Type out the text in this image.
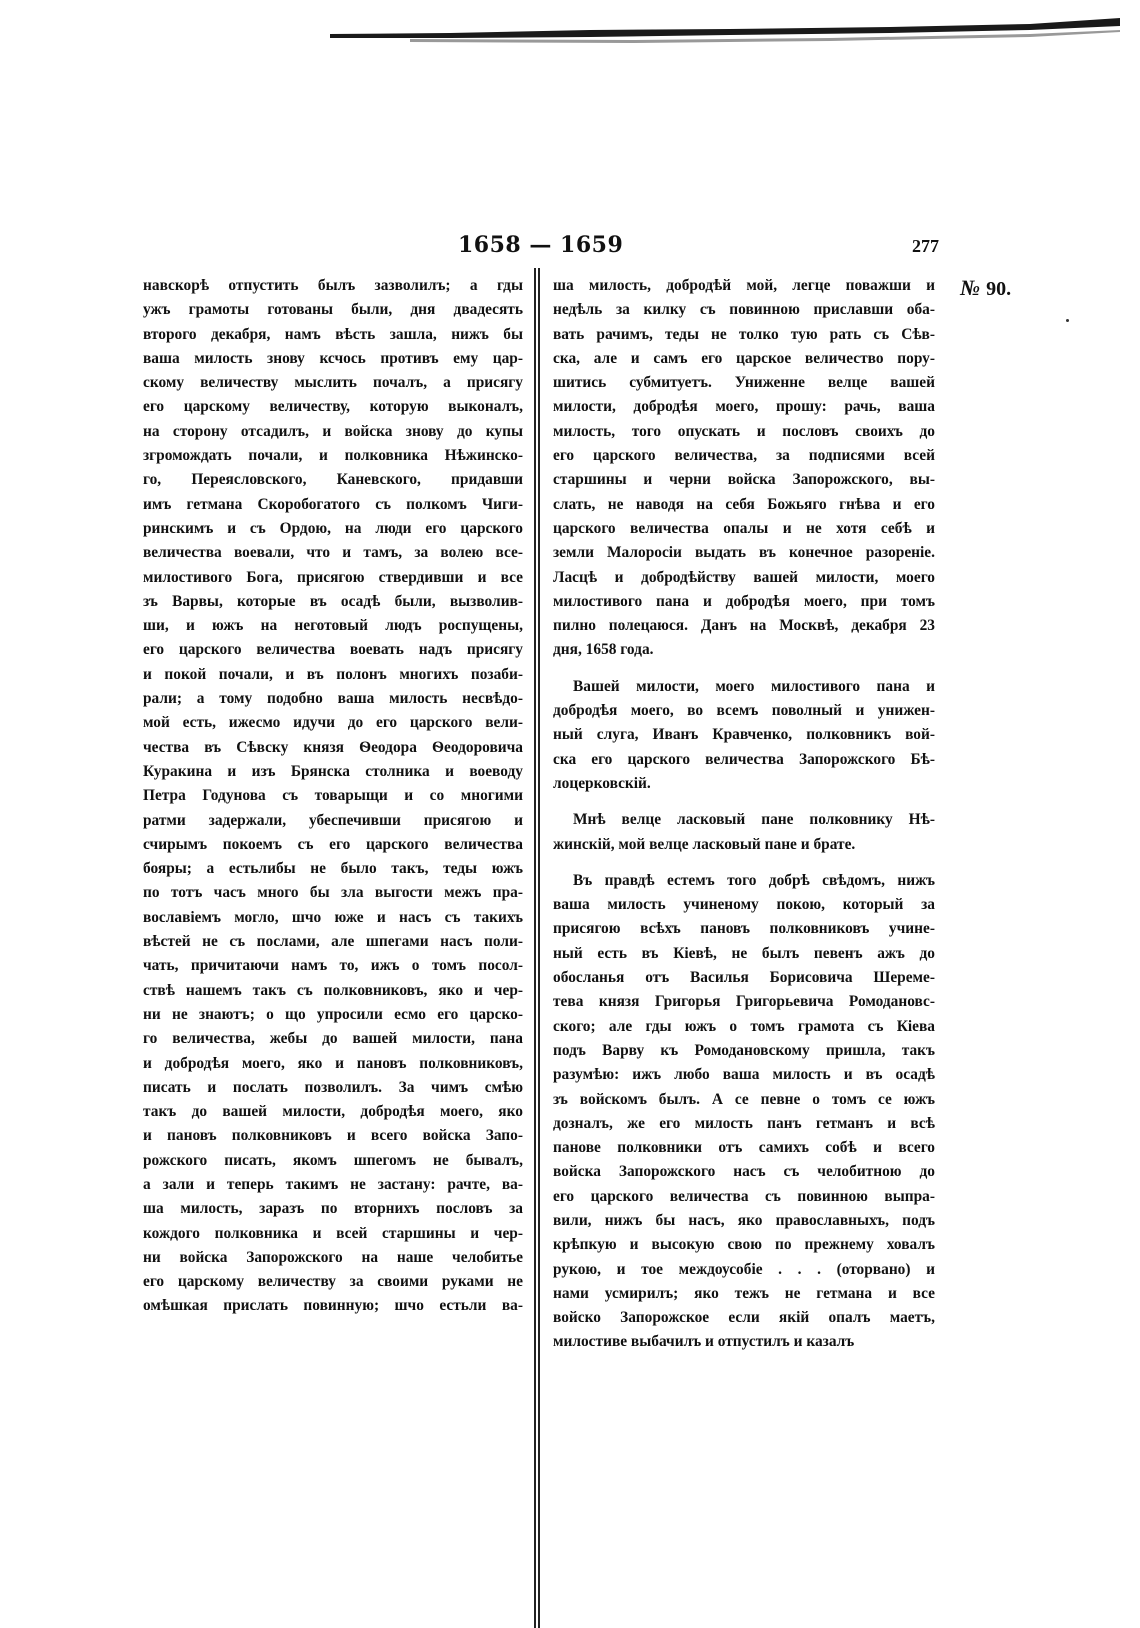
1658 — 1659	277
№ 90.
навскорѣ отпустить былъ зазволилъ; а гды
ужъ грамоты готованы были, дня двадесять
второго декабря, намъ вѣсть зашла, нижъ бы
ваша милость знову ксчось противъ ему цар-
скому величеству мыслить почалъ, а присягу
его царскому величеству, которую выконалъ,
на сторону отсадилъ, и войска знову до купы
згромождать почали, и полковника Нѣжинско-
го, Переясловского, Каневского, придавши
имъ гетмана Скоробогатого съ полкомъ Чиги-
ринскимъ и съ Ордою, на люди его царского
величества воевали, что и тамъ, за волею все-
милостивого Бога, присягою ствердивши и все
зъ Варвы, которые въ осадѣ были, вызволив-
ши, и южъ на неготовый людъ роспущены,
его царского величества воевать надъ присягу
и покой почали, и въ полонъ многихъ позаби-
рали; а тому подобно ваша милость несвѣдо-
мой есть, ижесмо идучи до его царского вели-
чества въ Сѣвску князя Ѳеодора Ѳеодоровича
Куракина и изъ Брянска столника и воеводу
Петра Годунова съ товарыщи и со многими
ратми задержали, убеспечивши присягою и
счирымъ покоемъ съ его царского величества
бояры; а естьлибы не было такъ, теды южъ
по тотъ часъ много бы зла выгости межъ пра-
вославіемъ могло, шчо юже и насъ съ такихъ
вѣстей не съ послами, але шпегами насъ поли-
чать, причитаючи намъ то, ижъ о томъ посол-
ствѣ нашемъ такъ съ полковниковъ, яко и чер-
ни не знаютъ; о що упросили есмо его царско-
го величества, жебы до вашей милости, пана
и добродѣя моего, яко и пановъ полковниковъ,
писать и послать позволилъ. За чимъ смѣю
такъ до вашей милости, добродѣя моего, яко
и пановъ полковниковъ и всего войска Запо-
рожского писать, якомъ шпегомъ не бывалъ,
а зали и теперь такимъ не застану: рачте, ва-
ша милость, заразъ по вторнихъ пословъ за
кождого полковника и всей старшины и чер-
ни войска Запорожского на наше челобитье
его царскому величеству за своими руками не
омѣшкая прислать повинную; шчо естьли ва-
ша милость, добродѣй мой, легце поважши и
недѣль за килку съ повинною приславши оба-
вать рачимъ, теды не толко тую рать съ Сѣв-
ска, але и самъ его царское величество пору-
шитись субмитуетъ. Униженне велце вашей
милости, добродѣя моего, прошу: рачь, ваша
милость, того опускать и пословъ своихъ до
его царского величества, за подписями всей
старшины и черни войска Запорожского, вы-
слать, не наводя на себя Божьяго гнѣва и его
царского величества опалы и не хотя себѣ и
земли Малоросіи выдать въ конечное разореніе.
Ласцѣ и добродѣйству вашей милости, моего
милостивого пана и добродѣя моего, при томъ
пилно полецаюся. Данъ на Москвѣ, декабря 23
дня, 1658 года.
Вашей милости, моего милостивого пана и
добродѣя моего, во всемъ поволный и унижен-
ный слуга, Иванъ Кравченко, полковникъ вой-
ска его царского величества Запорожского Бѣ-
лоцерковскій.
Мнѣ велце ласковый пане полковнику Нѣ-
жинскій, мой велце ласковый пане и брате.
Въ правдѣ естемъ того добрѣ свѣдомъ, нижъ
ваша милость учиненому покою, который за
присягою всѣхъ пановъ полковниковъ учине-
ный есть въ Кіевѣ, не былъ певенъ ажъ до
обосланья отъ Василья Борисовича Шереме-
тева князя Григорья Григорьевича Ромодановс-
ского; але гды южъ о томъ грамота съ Кіева
подъ Варву къ Ромодановскому пришла, такъ
разумѣю: ижъ любо ваша милость и въ осадѣ
зъ войскомъ былъ. А се певне о томъ се южъ
дозналъ, же его милость панъ гетманъ и всѣ
панове полковники отъ самихъ собѣ и всего
войска Запорожского насъ съ челобитною до
его царского величества съ повинною выпра-
вили, нижъ бы насъ, яко православныхъ, подъ
крѣпкую и высокую свою по прежнему ховалъ
рукою, и тое междоусобіе . . . (оторвано) и
нами усмирилъ; яко тежъ не гетмана и все
войско Запорожское если якій опалъ маетъ,
милостиве выбачилъ и отпустилъ и казалъ
